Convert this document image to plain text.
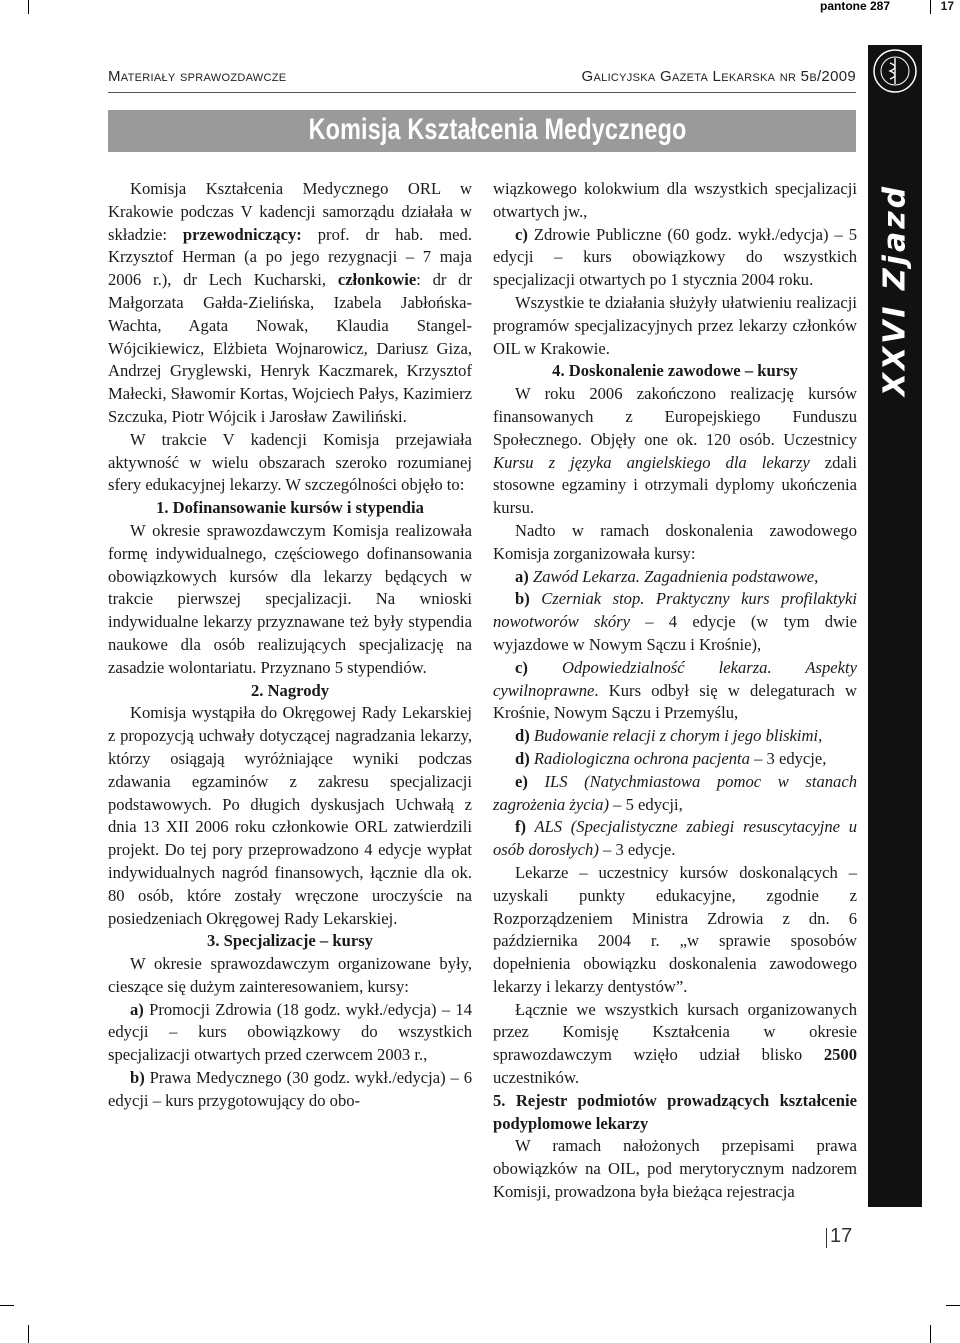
pantone 287	17
Materiały sprawozdawcze	Galicyjska Gazeta Lekarska nr 5b/2009
Komisja Kształcenia Medycznego
XXVI Zjazd

Komisja Kształcenia Medycznego ORL w Krakowie podczas V kadencji samorządu działała w składzie: przewodniczący: prof. dr hab. med. Krzysztof Herman (a po jego rezygnacji – 7 maja 2006 r.), dr Lech Kucharski, członkowie: dr dr Małgorzata Gałda-Zielińska, Izabela Jabłońska-Wachta, Agata Nowak, Klaudia Stangel-Wójcikiewicz, Elżbieta Wojnarowicz, Dariusz Giza, Andrzej Gryglewski, Henryk Kaczmarek, Krzysztof Małecki, Sławomir Kortas, Wojciech Pałys, Kazimierz Szczuka, Piotr Wójcik i Jarosław Zawiliński.

W trakcie V kadencji Komisja przejawiała aktywność w wielu obszarach szeroko rozumianej sfery edukacyjnej lekarzy. W szczególności objęło to:

1. Dofinansowanie kursów i stypendia

W okresie sprawozdawczym Komisja realizowała formę indywidualnego, częściowego dofinansowania obowiązkowych kursów dla lekarzy będących w trakcie pierwszej specjalizacji. Na wnioski indywidualne lekarzy przyznawane też były stypendia naukowe dla osób realizujących specjalizację na zasadzie wolontariatu. Przyznano 5 stypendiów.

2. Nagrody

Komisja wystąpiła do Okręgowej Rady Lekarskiej z propozycją uchwały dotyczącej nagradzania lekarzy, którzy osiągają wyróżniające wyniki podczas zdawania egzaminów z zakresu specjalizacji podstawowych. Po długich dyskusjach Uchwałą z dnia 13 XII 2006 roku członkowie ORL zatwierdzili projekt. Do tej pory przeprowadzono 4 edycje wypłat indywidualnych nagród finansowych, łącznie dla ok. 80 osób, które zostały wręczone uroczyście na posiedzeniach Okręgowej Rady Lekarskiej.

3. Specjalizacje – kursy

W okresie sprawozdawczym organizowane były, cieszące się dużym zainteresowaniem, kursy:

a) Promocji Zdrowia (18 godz. wykł./edycja) – 14 edycji – kurs obowiązkowy do wszystkich specjalizacji otwartych przed czerwcem 2003 r.,

b) Prawa Medycznego (30 godz. wykł./edycja) – 6 edycji – kurs przygotowujący do obo-

wiązkowego kolokwium dla wszystkich specjalizacji otwartych jw.,

c) Zdrowie Publiczne (60 godz. wykł./edycja) – 5 edycji – kurs obowiązkowy do wszystkich specjalizacji otwartych po 1 stycznia 2004 roku.

Wszystkie te działania służyły ułatwieniu realizacji programów specjalizacyjnych przez lekarzy członków OIL w Krakowie.

4. Doskonalenie zawodowe – kursy

W roku 2006 zakończono realizację kursów finansowanych z Europejskiego Funduszu Społecznego. Objęły one ok. 120 osób. Uczestnicy Kursu z języka angielskiego dla lekarzy zdali stosowne egzaminy i otrzymali dyplomy ukończenia kursu.

Nadto w ramach doskonalenia zawodowego Komisja zorganizowała kursy:

a) Zawód Lekarza. Zagadnienia podstawowe,

b) Czerniak stop. Praktyczny kurs profilaktyki nowotworów skóry – 4 edycje (w tym dwie wyjazdowe w Nowym Sączu i Krośnie),

c) Odpowiedzialność lekarza. Aspekty cywilnoprawne. Kurs odbył się w delegaturach w Krośnie, Nowym Sączu i Przemyślu,

d) Budowanie relacji z chorym i jego bliskimi,

d) Radiologiczna ochrona pacjenta – 3 edycje,

e) ILS (Natychmiastowa pomoc w stanach zagrożenia życia) – 5 edycji,

f) ALS (Specjalistyczne zabiegi resuscytacyjne u osób dorosłych) – 3 edycje.

Lekarze – uczestnicy kursów doskonalących – uzyskali punkty edukacyjne, zgodnie z Rozporządzeniem Ministra Zdrowia z dn. 6 października 2004 r. „w sprawie sposobów dopełnienia obowiązku doskonalenia zawodowego lekarzy i lekarzy dentystów”.

Łącznie we wszystkich kursach organizowanych przez Komisję Kształcenia w okresie sprawozdawczym wzięło udział blisko 2500 uczestników.

5. Rejestr podmiotów prowadzących kształcenie podyplomowe lekarzy

W ramach nałożonych przepisami prawa obowiązków na OIL, pod merytorycznym nadzorem Komisji, prowadzona była bieżąca rejestracja

17
